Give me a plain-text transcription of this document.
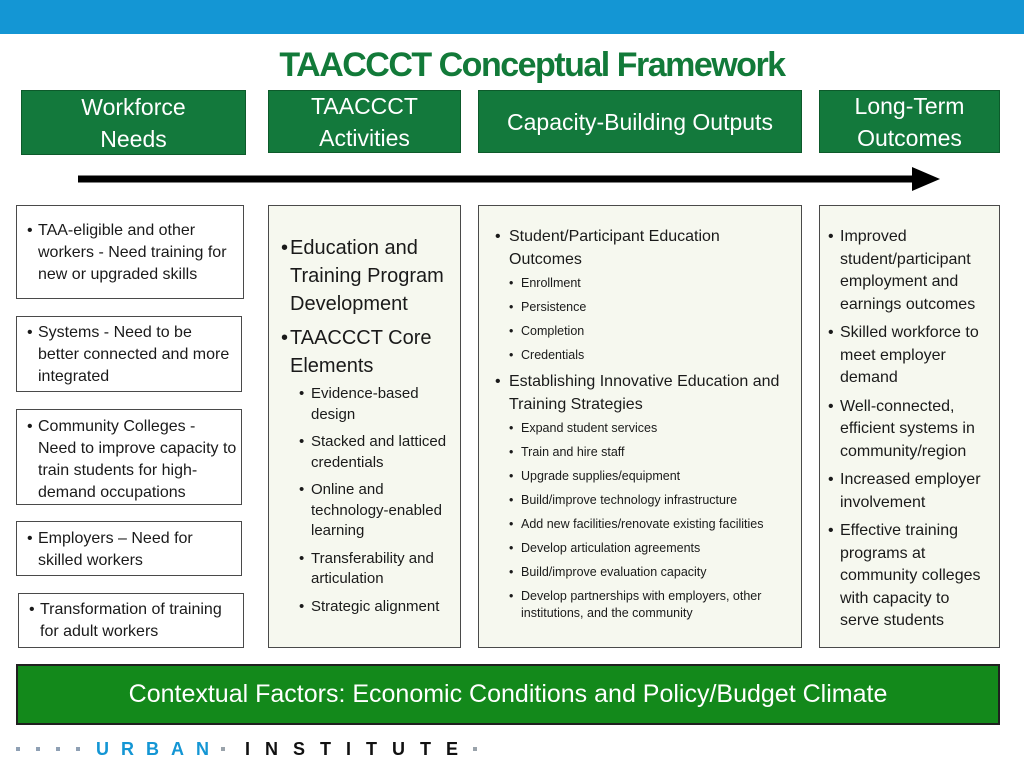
TAACCCT Conceptual Framework
Workforce
Needs
TAACCCT
Activities
Capacity-Building Outputs
Long-Term
Outcomes
• TAA-eligible and other workers - Need training for new or upgraded skills
• Systems - Need to be better connected and more integrated
• Community Colleges - Need to improve capacity to train students for high-demand occupations
• Employers – Need for skilled workers
• Transformation of training for adult workers
• Education and Training Program Development
• TAACCCT Core Elements
• Evidence-based design
• Stacked and latticed credentials
• Online and technology-enabled learning
• Transferability and articulation
• Strategic alignment
• Student/Participant Education Outcomes
• Enrollment
• Persistence
• Completion
• Credentials
• Establishing Innovative Education and Training Strategies
• Expand student services
• Train and hire staff
• Upgrade supplies/equipment
• Build/improve technology infrastructure
• Add new facilities/renovate existing facilities
• Develop articulation agreements
• Build/improve evaluation capacity
• Develop partnerships with employers, other institutions, and the community
• Improved student/participant employment and earnings outcomes
• Skilled workforce to meet employer demand
• Well-connected, efficient systems in community/region
• Increased employer involvement
• Effective training programs at community colleges with capacity to serve students
Contextual Factors: Economic Conditions and Policy/Budget Climate
URBAN INSTITUTE
